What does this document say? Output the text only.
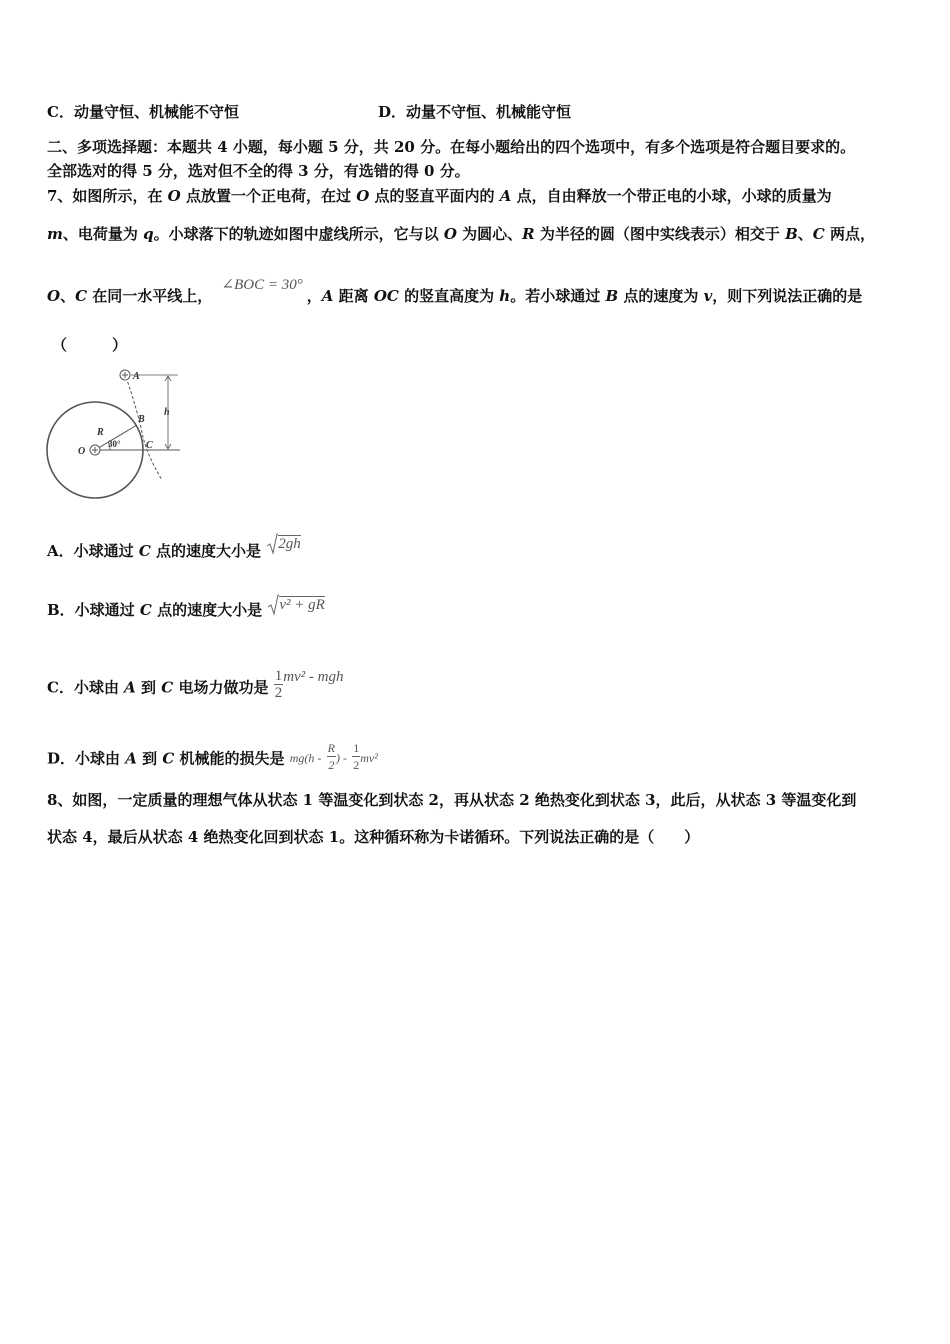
C．动量守恒、机械能不守恒	D．动量不守恒、机械能守恒
二、多项选择题：本题共 4 小题，每小题 5 分，共 20 分。在每小题给出的四个选项中，有多个选项是符合题目要求的。
全部选对的得 5 分，选对但不全的得 3 分，有选错的得 0 分。
7、如图所示，在 O 点放置一个正电荷，在过 O 点的竖直平面内的 A 点，自由释放一个带正电的小球，小球的质量为
m、电荷量为 q。小球落下的轨迹如图中虚线所示，它与以 O 为圆心、R 为半径的圆（图中实线表示）相交于 B、C 两点，
O、C 在同一水平线上， ∠BOC = 30°，A 距离 OC 的竖直高度为 h。若小球通过 B 点的速度为 v，则下列说法正确的是
（　　　）
A
B
C
O
R
h
30°
A．小球通过 C 点的速度大小是 2gh
B．小球通过 C 点的速度大小是 v² + gR
C．小球由 A 到 C 电场力做功是 $\frac{1}{2} mv^2$ - mgh
D．小球由 A 到 C 机械能的损失是 $mg(h - \frac{R}{2}$ ) - $\frac{1}{2} mv^2$
8、如图，一定质量的理想气体从状态 1 等温变化到状态 2，再从状态 2 绝热变化到状态 3，此后，从状态 3 等温变化到
状态 4，最后从状态 4 绝热变化回到状态 1。这种循环称为卡诺循环。下列说法正确的是（　　）
